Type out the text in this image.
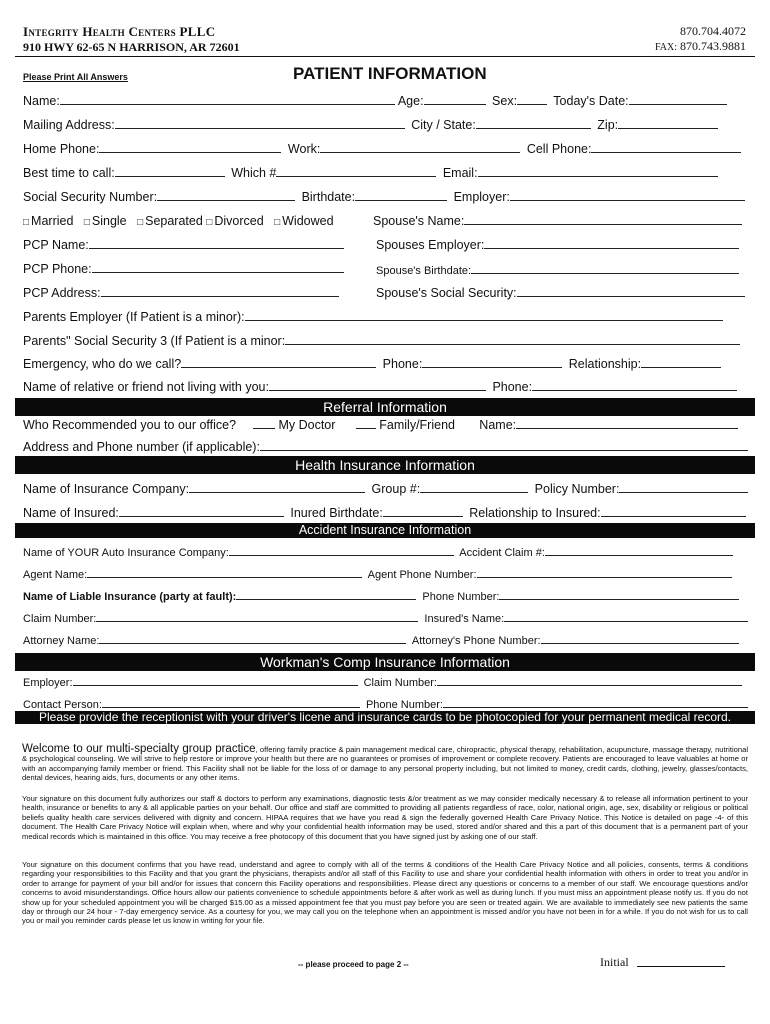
Integrity Health Centers PLLC
910 HWY 62-65 N HARRISON, AR 72601
870.704.4072
FAX: 870.743.9881
Please Print All Answers	PATIENT INFORMATION
Name:	Age:	Sex:	Today's Date:
Mailing Address:	City / State:	Zip:
Home Phone:	Work:	Cell Phone:
Best time to call:	Which #	Email:
Social Security Number:	Birthdate:	Employer:
□ Married □ Single □ Separated □ Divorced □ Widowed	Spouse's Name:
PCP Name:	Spouses Employer:
PCP Phone:	Spouse's Birthdate:
PCP Address:	Spouse's Social Security:
Parents Employer (If Patient is a minor):
Parents" Social Security 3 (If Patient is a minor:
Emergency, who do we call?	Phone:	Relationship:
Name of relative or friend not living with you:	Phone:
Referral Information
Who Recommended you to our office?	My Doctor	Family/Friend Name:
Address and Phone number (if applicable):
Health Insurance Information
Name of Insurance Company:	Group #:	Policy Number:
Name of Insured:	Inured Birthdate:	Relationship to Insured:
Accident Insurance Information
Name of YOUR Auto Insurance Company:	Accident Claim #:
Agent Name:	Agent Phone Number:
Name of Liable Insurance (party at fault):	Phone Number:
Claim Number:	Insured's Name:
Attorney Name:	Attorney's Phone Number:
Workman's Comp Insurance Information
Employer:	Claim Number:
Contact Person:	Phone Number:
Please provide the receptionist with your driver's licene and insurance cards to be photocopied for your permanent medical record.
Welcome to our multi-specialty group practice, offering family practice & pain management medical care, chiropractic, physical therapy, rehabilitation, acupuncture, massage therapy, nutritional & psychological counseling. We will strive to help restore or improve your health but there are no guarantees or promises of improvement or complete recovery. Patients are encouraged to leave valuables at home or with an accompanying family member or friend. This Facility shall not be liable for the loss of or damage to any personal property including, but not limited to money, credit cards, clothing, jewelry, glasses/contacts, dental devices, hearing aids, furs, documents or any other items.
Your signature on this document fully authorizes our staff & doctors to perform any examinations, diagnostic tests &/or treatment as we may consider medically necessary & to release all information pertinent to your health, insurance or benefits to any & all applicable parties on your behalf. Our office and staff are committed to providing all patients regardless of race, color, national origin, age, sex, disability or religious or political beliefs quality health care services delivered with dignity and concern. HIPAA requires that we have you read & sign the federally governed Health Care Privacy Notice. This Notice is detailed on page -4- of this document. The Health Care Privacy Notice will explain when, where and why your confidential health information may be used, stored and/or shared and this a part of this document that is a permanent part of your medical records which is maintained in this office. You may receive a free photocopy of this document that you have signed just by asking one of our staff.
Your signature on this document confirms that you have read, understand and agree to comply with all of the terms & conditions of the Health Care Privacy Notice and all policies, consents, terms & conditions regarding your responsibilities to this Facility and that you grant the physicians, therapists and/or all staff of this Facility to use and share your confidential health information with others in order to treat you and/or in order to arrange for payment of your bill and/or for issues that concern this Facility operations and responsibilities. Please direct any questions or concerns to a member of our staff. We encourage questions and/or concerns to avoid misunderstandings. Office hours allow our patients convenience to schedule appointments before & after work as well as during lunch. If you must miss an appointment please notify us. If you do not show up for your scheduled appointment you will be charged $15.00 as a missed appointment fee that you must pay before you are seen or treated again. We are available to immediately see new patients the same day or through our 24 hour - 7-day emergency service. As a courtesy for you, we may call you on the telephone when an appointment is missed and/or you have not been in for a while. If you do not wish for us to call you or mail you reminder cards please let us know in writing for your file.
-- please proceed to page 2 --	Initial
